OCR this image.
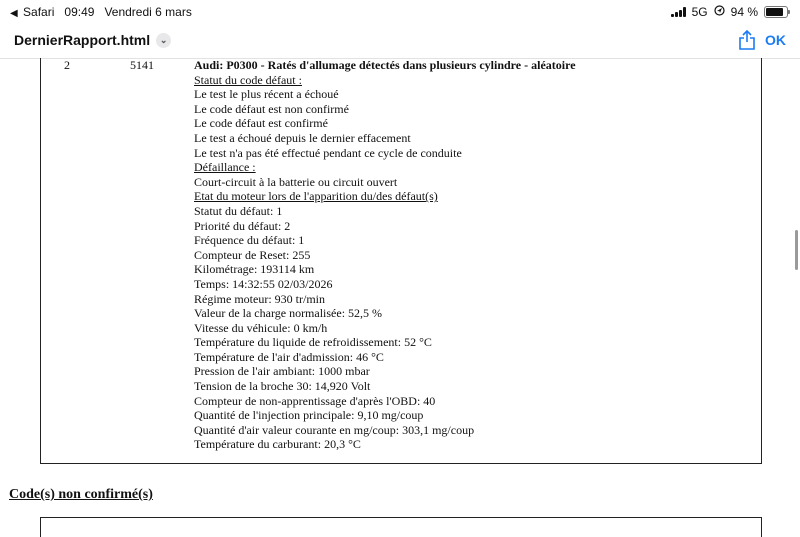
◀ Safari 09:49 Vendredi 6 mars	5G 94 %
DernierRapport.html	⌄	OK
2	5141	Audi: P0300 - Ratés d'allumage détectés dans plusieurs cylindre - aléatoire
Statut du code défaut :
Le test le plus récent a échoué
Le code défaut est non confirmé
Le code défaut est confirmé
Le test a échoué depuis le dernier effacement
Le test n'a pas été effectué pendant ce cycle de conduite
Défaillance :
Court-circuit à la batterie ou circuit ouvert
Etat du moteur lors de l'apparition du/des défaut(s)
Statut du défaut: 1
Priorité du défaut: 2
Fréquence du défaut: 1
Compteur de Reset: 255
Kilométrage: 193114 km
Temps: 14:32:55 02/03/2026
Régime moteur: 930 tr/min
Valeur de la charge normalisée: 52,5 %
Vitesse du véhicule: 0 km/h
Température du liquide de refroidissement: 52 °C
Température de l'air d'admission: 46 °C
Pression de l'air ambiant: 1000 mbar
Tension de la broche 30: 14,920 Volt
Compteur de non-apprentissage d'après l'OBD: 40
Quantité de l'injection principale: 9,10 mg/coup
Quantité d'air valeur courante en mg/coup: 303,1 mg/coup
Température du carburant: 20,3 °C
Code(s) non confirmé(s)
